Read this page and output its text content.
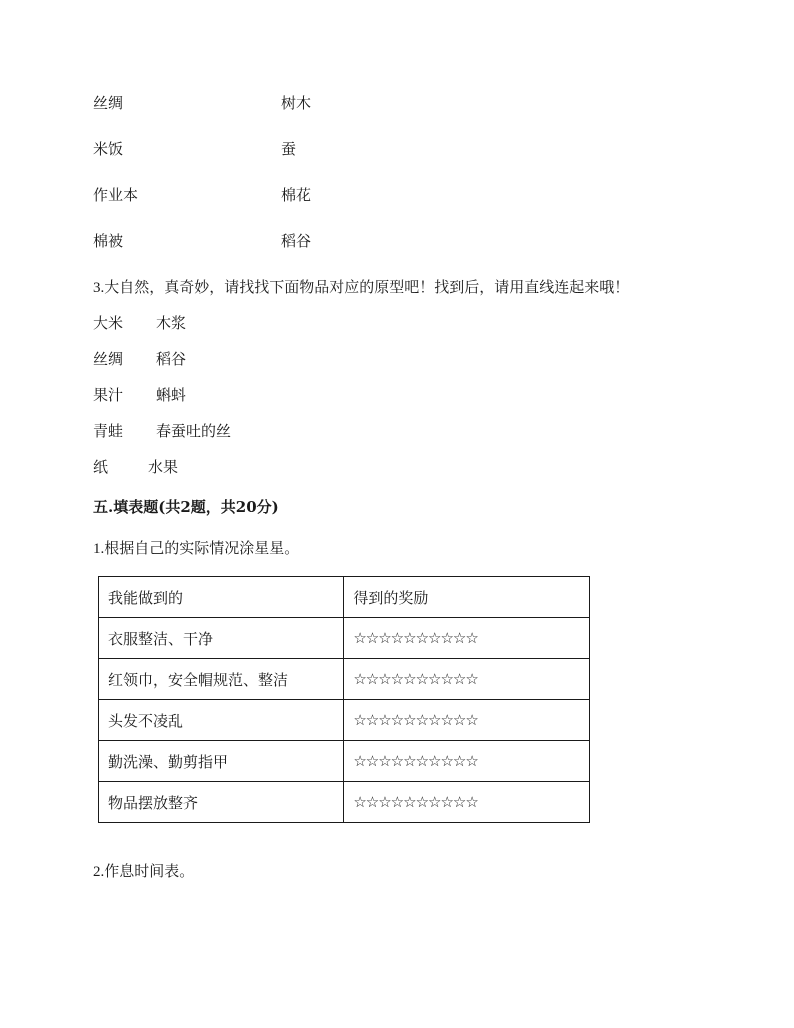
丝绸	树木
米饭	蚕
作业本	棉花
棉被	稻谷
3.大自然，真奇妙，请找找下面物品对应的原型吧！找到后，请用直线连起来哦！
大米 木浆
丝绸 稻谷
果汁 蝌蚪
青蛙 春蚕吐的丝
纸	水果
五.填表题(共2题，共20分)
1.根据自己的实际情况涂星星。
我能做到的	得到的奖励
衣服整洁、干净	☆☆☆☆☆☆☆☆☆☆
红领巾，安全帽规范、整洁	☆☆☆☆☆☆☆☆☆☆
头发不凌乱	☆☆☆☆☆☆☆☆☆☆
勤洗澡、勤剪指甲	☆☆☆☆☆☆☆☆☆☆
物品摆放整齐	☆☆☆☆☆☆☆☆☆☆
2.作息时间表。
